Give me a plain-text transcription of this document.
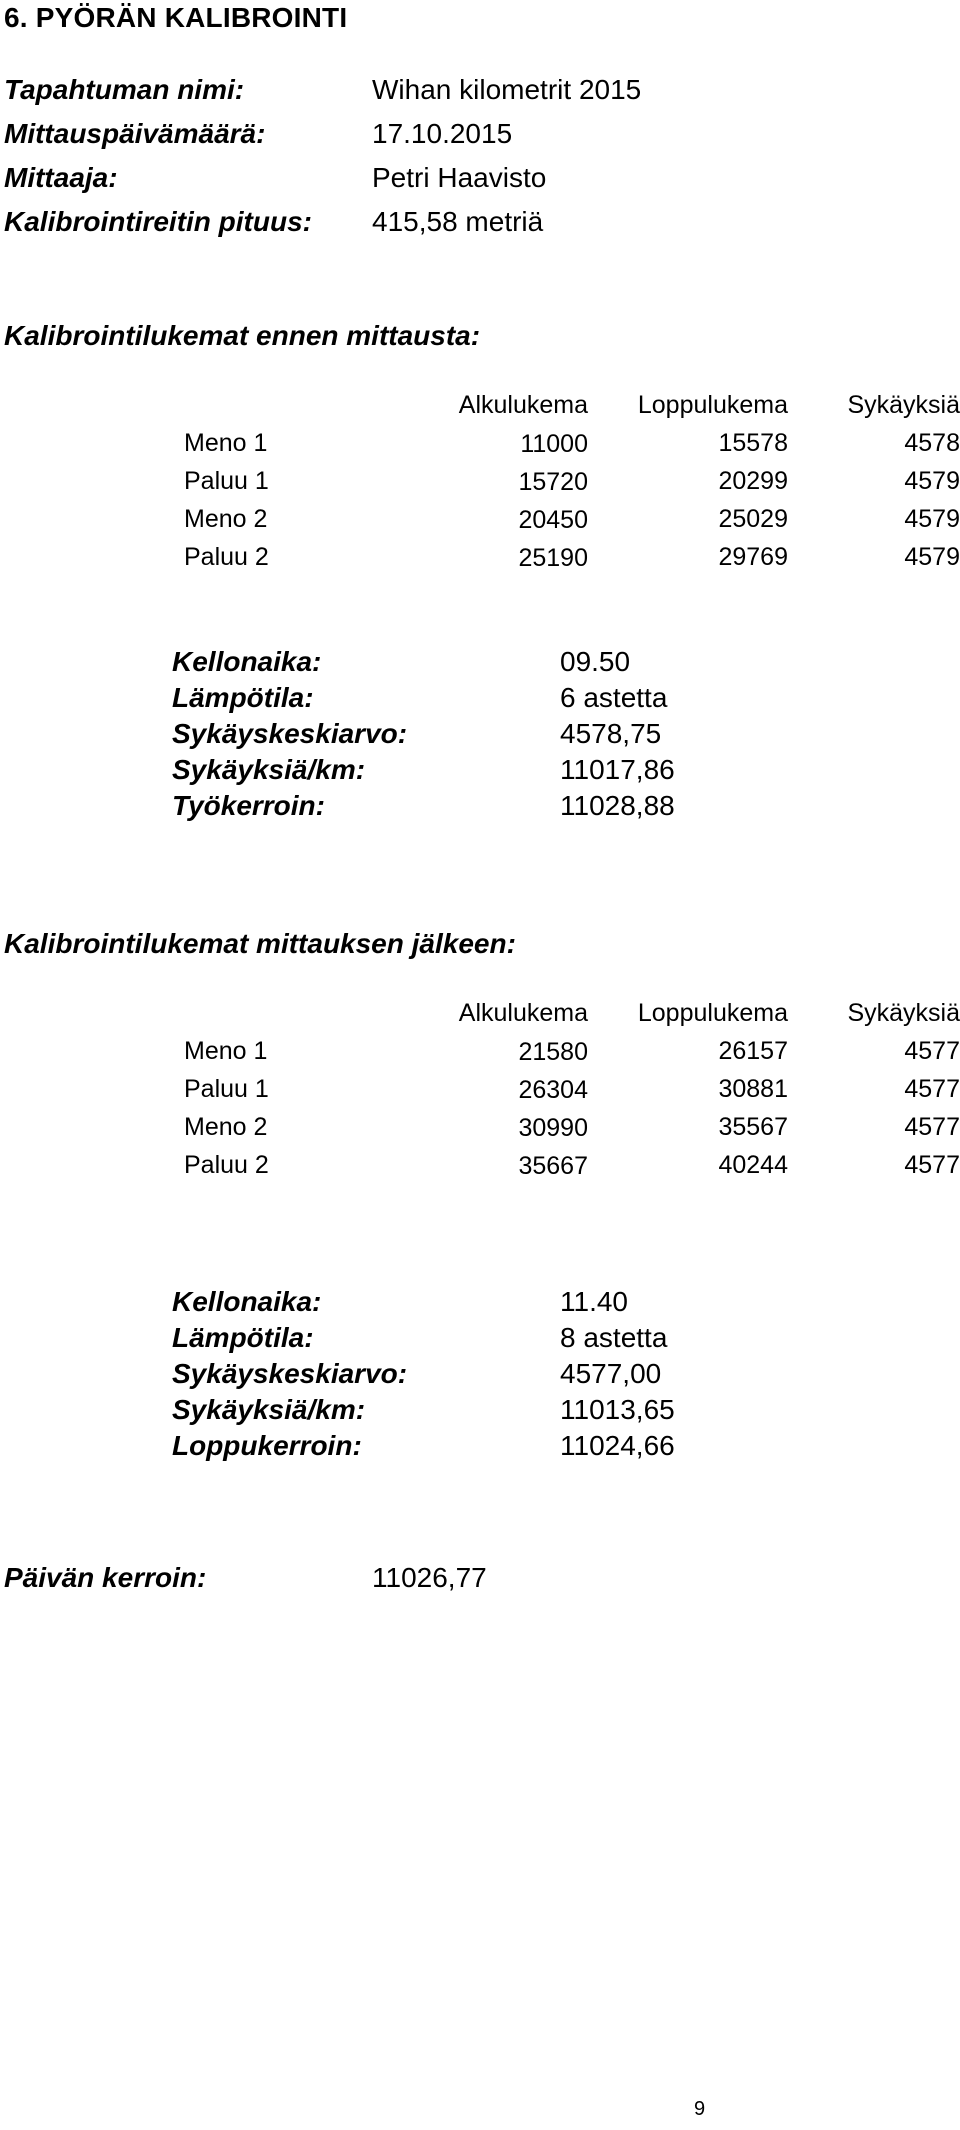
6. PYÖRÄN KALIBROINTI
Tapahtuman nimi:	Wihan kilometrit 2015
Mittauspäivämäärä:	17.10.2015
Mittaaja:	Petri Haavisto
Kalibrointireitin pituus: 415,58 metriä
Kalibrointilukemat ennen mittausta:
Alkulukema	Loppulukema	Sykäyksiä
Meno 1 11000	15578	4578
Paluu 1 15720	20299	4579
Meno 2 20450	25029	4579
Paluu 2 25190	29769	4579
Kellonaika:	09.50
Lämpötila:	6 astetta
Sykäyskeskiarvo:	4578,75
Sykäyksiä/km:	11017,86
Työkerroin:	11028,88
Kalibrointilukemat mittauksen jälkeen:
Alkulukema	Loppulukema	Sykäyksiä
Meno 1 21580	26157	4577
Paluu 1 26304	30881	4577
Meno 2 30990	35567	4577
Paluu 2 35667	40244	4577
Kellonaika:	11.40
Lämpötila:	8 astetta
Sykäyskeskiarvo:	4577,00
Sykäyksiä/km:	11013,65
Loppukerroin:	11024,66
Päivän kerroin:	11026,77
9
